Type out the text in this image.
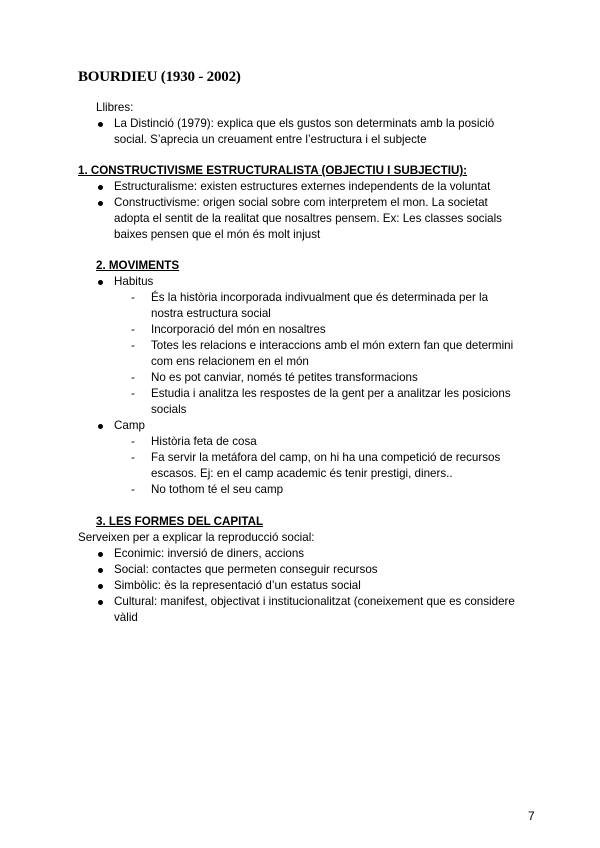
BOURDIEU (1930 - 2002)
Llibres:
La Distinció (1979): explica que els gustos son determinats amb la posició
social. S’aprecia un creuament entre l’estructura i el subjecte
1. CONSTRUCTIVISME ESTRUCTURALISTA (OBJECTIU I SUBJECTIU):
Estructuralisme: existen estructures externes independents de la voluntat
Constructivisme: origen social sobre com interpretem el mon. La societat
adopta el sentit de la realitat que nosaltres pensem. Ex: Les classes socials
baixes pensen que el món és molt injust
2. MOVIMENTS
Habitus
- És la història incorporada indivualment que és determinada per la
nostra estructura social
- Incorporació del món en nosaltres
- Totes les relacions e interaccions amb el món extern fan que determini
com ens relacionem en el món
- No es pot canviar, només té petites transformacions
- Estudia i analitza les respostes de la gent per a analitzar les posicions
socials
Camp
- Història feta de cosa
- Fa servir la metáfora del camp, on hi ha una competició de recursos
escasos. Ej: en el camp academic és tenir prestigi, diners..
- No tothom té el seu camp
3. LES FORMES DEL CAPITAL
Serveixen per a explicar la reproducció social:
Econimic: inversió de diners, accions
Social: contactes que permeten conseguir recursos
Simbòlic: ès la representació d’un estatus social
Cultural: manifest, objectivat i institucionalitzat (coneixement que es considere
vàlid
7
